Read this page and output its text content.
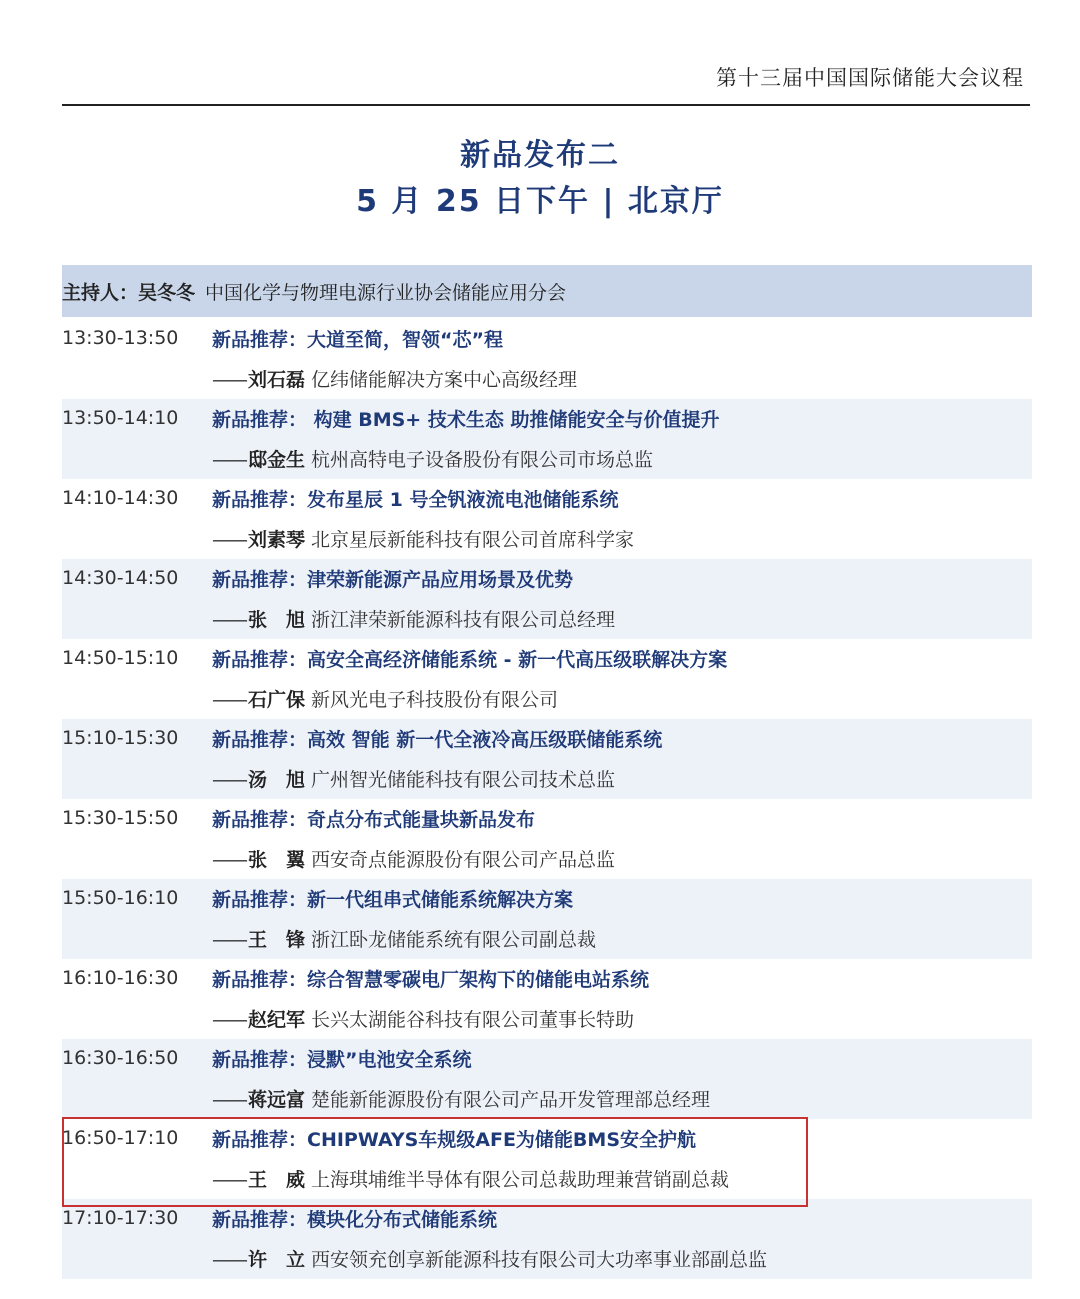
第十三届中国国际储能大会议程
新品发布二
5 月 25 日下午 | 北京厅
主持人：吴冬冬 中国化学与物理电源行业协会储能应用分会
13:30-13:50 新品推荐：大道至简，智领“芯”程
—— 刘石磊 亿纬储能解决方案中心高级经理
13:50-14:10 新品推荐： 构建 BMS+ 技术生态 助推储能安全与价值提升
—— 邸金生 杭州高特电子设备股份有限公司市场总监
14:10-14:30 新品推荐：发布星辰 1 号全钒液流电池储能系统
—— 刘素琴 北京星辰新能科技有限公司首席科学家
14:30-14:50 新品推荐：津荣新能源产品应用场景及优势
—— 张　旭 浙江津荣新能源科技有限公司总经理
14:50-15:10 新品推荐：高安全高经济储能系统 - 新一代高压级联解决方案
—— 石广保 新风光电子科技股份有限公司
15:10-15:30 新品推荐：高效 智能 新一代全液冷高压级联储能系统
—— 汤　旭 广州智光储能科技有限公司技术总监
15:30-15:50 新品推荐：奇点分布式能量块新品发布
—— 张　翼 西安奇点能源股份有限公司产品总监
15:50-16:10 新品推荐：新一代组串式储能系统解决方案
—— 王　锋 浙江卧龙储能系统有限公司副总裁
16:10-16:30 新品推荐：综合智慧零碳电厂架构下的储能电站系统
—— 赵纪军 长兴太湖能谷科技有限公司董事长特助
16:30-16:50 新品推荐：浸默”电池安全系统
—— 蒋远富 楚能新能源股份有限公司产品开发管理部总经理
16:50-17:10 新品推荐：CHIPWAYS车规级AFE为储能BMS安全护航
—— 王　威 上海琪埔维半导体有限公司总裁助理兼营销副总裁
17:10-17:30 新品推荐：模块化分布式储能系统
—— 许　立 西安领充创享新能源科技有限公司大功率事业部副总监
